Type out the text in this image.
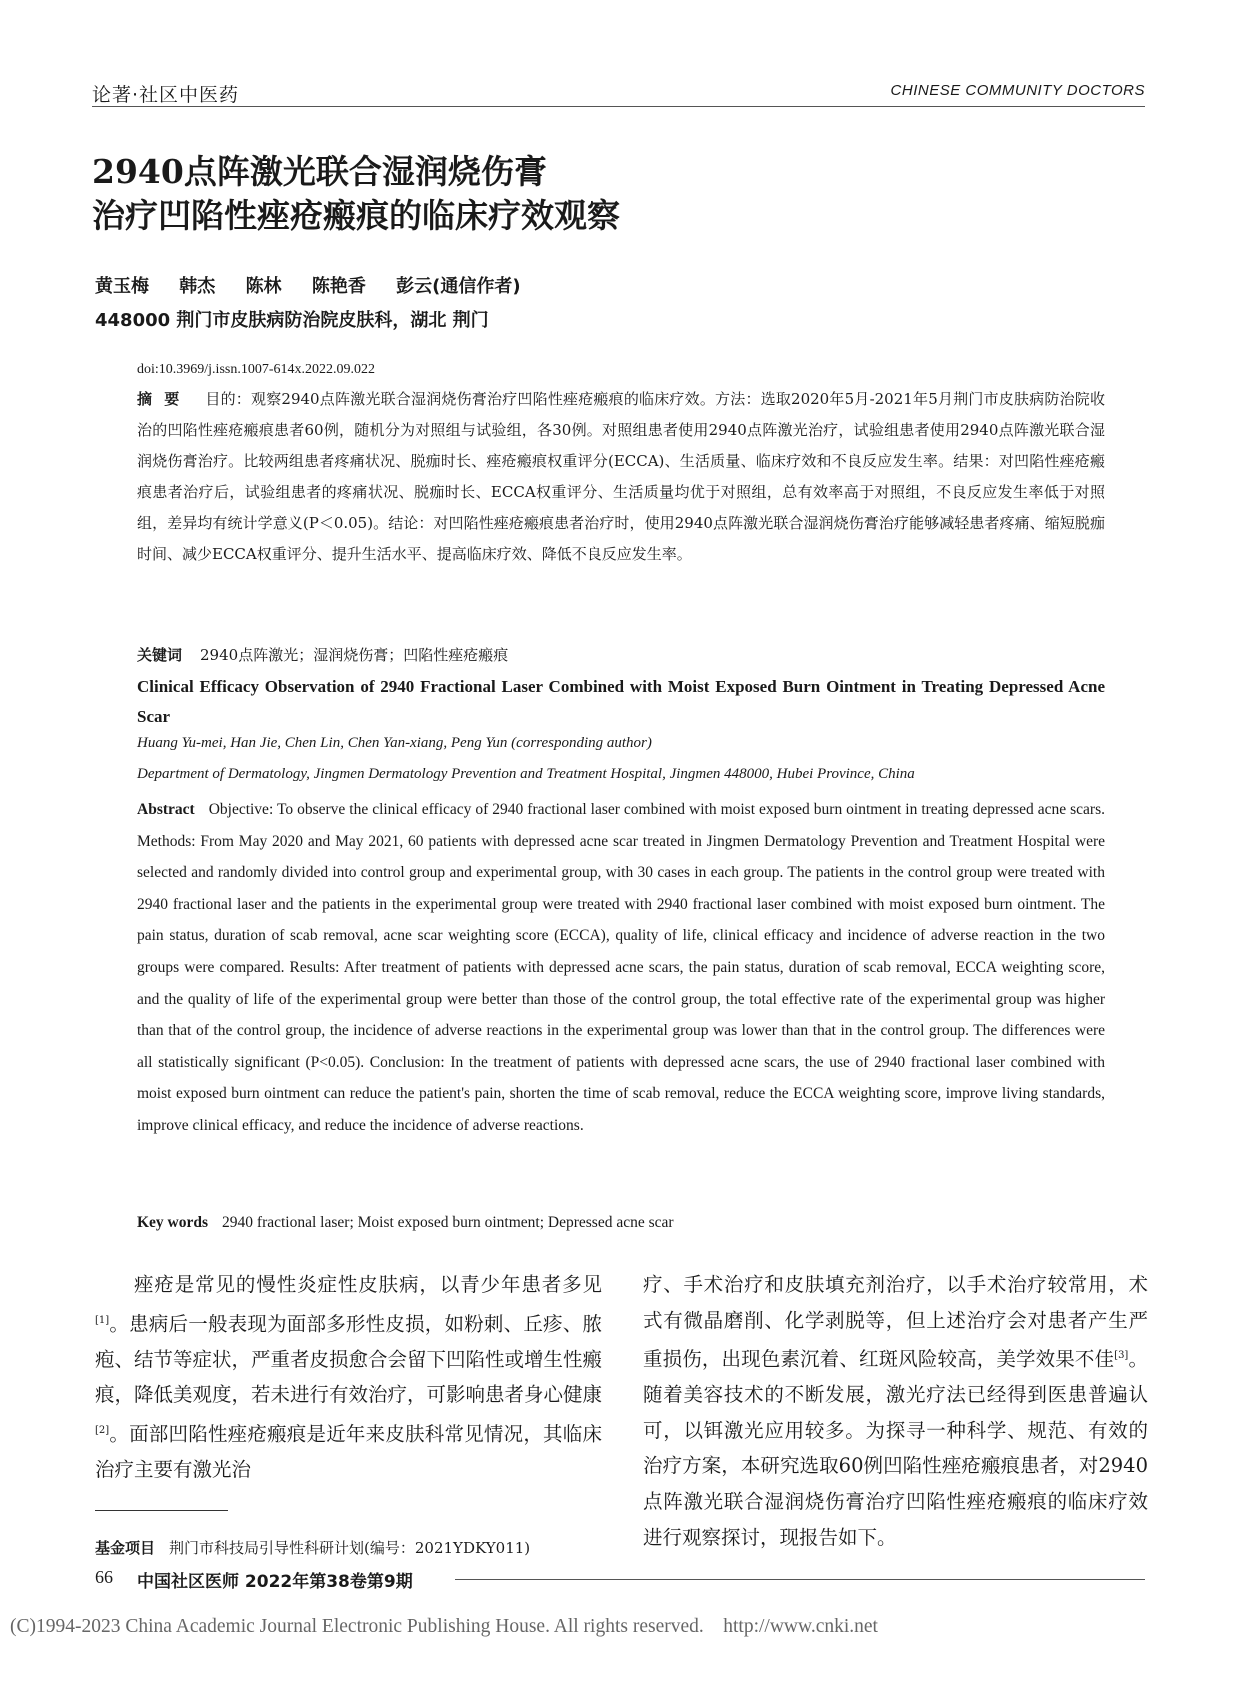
论著·社区中医药	CHINESE COMMUNITY DOCTORS
2940点阵激光联合湿润烧伤膏
治疗凹陷性痤疮瘢痕的临床疗效观察
黄玉梅 韩杰 陈林 陈艳香 彭云(通信作者)
448000 荆门市皮肤病防治院皮肤科，湖北 荆门
doi:10.3969/j.issn.1007-614x.2022.09.022
摘要 目的：观察2940点阵激光联合湿润烧伤膏治疗凹陷性痤疮瘢痕的临床疗效。方法：选取2020年5月-2021年5月荆门市皮肤病防治院收治的凹陷性痤疮瘢痕患者60例，随机分为对照组与试验组，各30例。对照组患者使用2940点阵激光治疗，试验组患者使用2940点阵激光联合湿润烧伤膏治疗。比较两组患者疼痛状况、脱痂时长、痤疮瘢痕权重评分(ECCA)、生活质量、临床疗效和不良反应发生率。结果：对凹陷性痤疮瘢痕患者治疗后，试验组患者的疼痛状况、脱痂时长、ECCA权重评分、生活质量均优于对照组，总有效率高于对照组，不良反应发生率低于对照组，差异均有统计学意义(P＜0.05)。结论：对凹陷性痤疮瘢痕患者治疗时，使用2940点阵激光联合湿润烧伤膏治疗能够减轻患者疼痛、缩短脱痂时间、减少ECCA权重评分、提升生活水平、提高临床疗效、降低不良反应发生率。
关键词 2940点阵激光；湿润烧伤膏；凹陷性痤疮瘢痕
Clinical Efficacy Observation of 2940 Fractional Laser Combined with Moist Exposed Burn Ointment in Treating Depressed Acne Scar
Huang Yu-mei, Han Jie, Chen Lin, Chen Yan-xiang, Peng Yun (corresponding author)
Department of Dermatology, Jingmen Dermatology Prevention and Treatment Hospital, Jingmen 448000, Hubei Province, China
Abstract Objective: To observe the clinical efficacy of 2940 fractional laser combined with moist exposed burn ointment in treating depressed acne scars. Methods: From May 2020 and May 2021, 60 patients with depressed acne scar treated in Jingmen Dermatology Prevention and Treatment Hospital were selected and randomly divided into control group and experimental group, with 30 cases in each group. The patients in the control group were treated with 2940 fractional laser and the patients in the experimental group were treated with 2940 fractional laser combined with moist exposed burn ointment. The pain status, duration of scab removal, acne scar weighting score (ECCA), quality of life, clinical efficacy and incidence of adverse reaction in the two groups were compared. Results: After treatment of patients with depressed acne scars, the pain status, duration of scab removal, ECCA weighting score, and the quality of life of the experimental group were better than those of the control group, the total effective rate of the experimental group was higher than that of the control group, the incidence of adverse reactions in the experimental group was lower than that in the control group. The differences were all statistically significant (P<0.05). Conclusion: In the treatment of patients with depressed acne scars, the use of 2940 fractional laser combined with moist exposed burn ointment can reduce the patient's pain, shorten the time of scab removal, reduce the ECCA weighting score, improve living standards, improve clinical efficacy, and reduce the incidence of adverse reactions.
Key words 2940 fractional laser; Moist exposed burn ointment; Depressed acne scar
痤疮是常见的慢性炎症性皮肤病，以青少年患者多见[1]。患病后一般表现为面部多形性皮损，如粉刺、丘疹、脓疱、结节等症状，严重者皮损愈合会留下凹陷性或增生性瘢痕，降低美观度，若未进行有效治疗，可影响患者身心健康[2]。面部凹陷性痤疮瘢痕是近年来皮肤科常见情况，其临床治疗主要有激光治
疗、手术治疗和皮肤填充剂治疗，以手术治疗较常用，术式有微晶磨削、化学剥脱等，但上述治疗会对患者产生严重损伤，出现色素沉着、红斑风险较高，美学效果不佳[3]。随着美容技术的不断发展，激光疗法已经得到医患普遍认可，以铒激光应用较多。为探寻一种科学、规范、有效的治疗方案，本研究选取60例凹陷性痤疮瘢痕患者，对2940点阵激光联合湿润烧伤膏治疗凹陷性痤疮瘢痕的临床疗效进行观察探讨，现报告如下。
基金项目 荆门市科技局引导性科研计划(编号：2021YDKY011)
66 中国社区医师 2022年第38卷第9期
(C)1994-2023 China Academic Journal Electronic Publishing House. All rights reserved.    http://www.cnki.net
